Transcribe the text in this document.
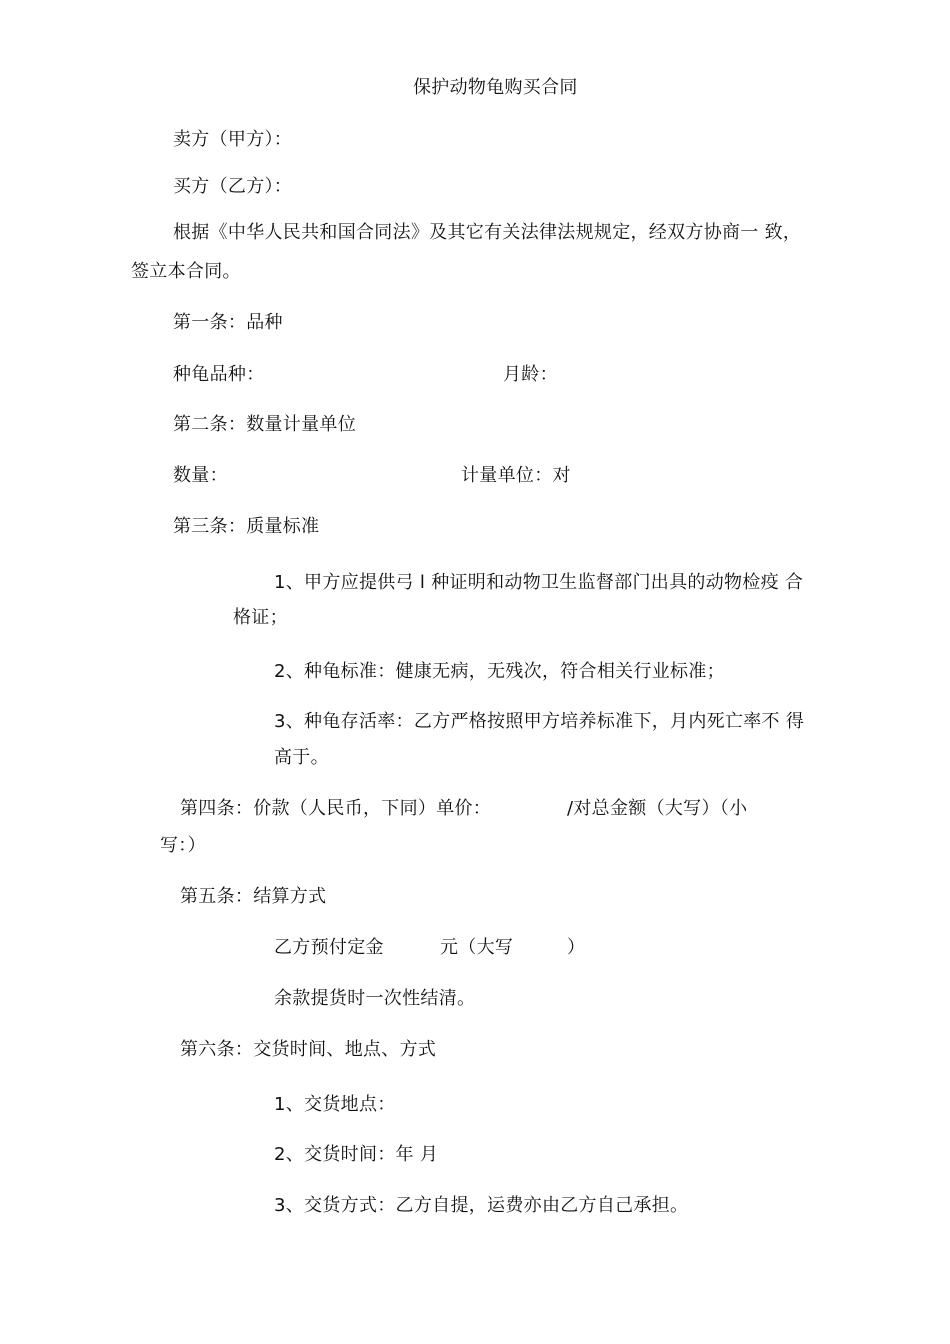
保护动物龟购买合同
卖方（甲方）：
买方（乙方）：
根据《中华人民共和国合同法》及其它有关法律法规规定，经双方协商一 致，
签立本合同。
第一条：品种
种龟品种：	月龄：
第二条：数量计量单位
数量：	计量单位：对
第三条：质量标准
1、甲方应提供弓 l 种证明和动物卫生监督部门出具的动物检疫 合
格证；
2、种龟标准：健康无病，无残次，符合相关行业标准；
3、种龟存活率：乙方严格按照甲方培养标准下，月内死亡率不 得
高于。
第四条：价款（人民币，下同）单价：	/对总金额（大写）（小
写：）
第五条：结算方式
乙方预付定金	元（大写	）
余款提货时一次性结清。
第六条：交货时间、地点、方式
1、交货地点：
2、交货时间：年 月
3、交货方式：乙方自提，运费亦由乙方自己承担。
